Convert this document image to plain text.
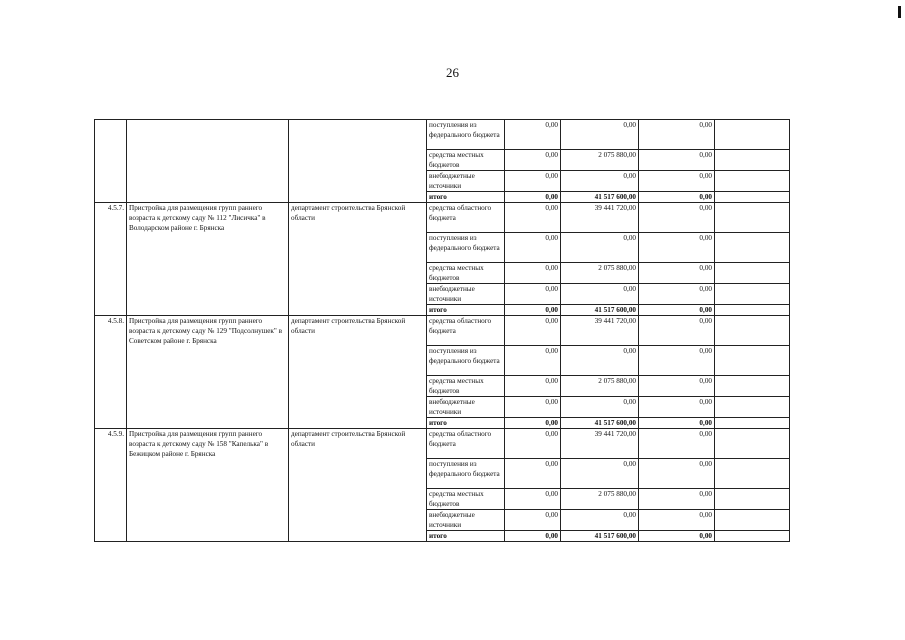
26
			поступления из федерального бюджета	0,00	0,00	0,00	
			средства местных бюджетов	0,00	2 075 880,00	0,00	
			внебюджетные источники	0,00	0,00	0,00	
			итого	0,00	41 517 600,00	0,00	
4.5.7.	Пристройка для размещения групп раннего возраста к детскому саду № 112 "Лисичка" в Володарском районе г. Брянска	департамент строительства Брянской области	средства областного бюджета	0,00	39 441 720,00	0,00	
			поступления из федерального бюджета	0,00	0,00	0,00	
			средства местных бюджетов	0,00	2 075 880,00	0,00	
			внебюджетные источники	0,00	0,00	0,00	
			итого	0,00	41 517 600,00	0,00	
4.5.8.	Пристройка для размещения групп раннего возраста к детскому саду № 129 "Подсолнушек" в Советском районе г. Брянска	департамент строительства Брянской области	средства областного бюджета	0,00	39 441 720,00	0,00	
			поступления из федерального бюджета	0,00	0,00	0,00	
			средства местных бюджетов	0,00	2 075 880,00	0,00	
			внебюджетные источники	0,00	0,00	0,00	
			итого	0,00	41 517 600,00	0,00	
4.5.9.	Пристройка для размещения групп раннего возраста к детскому саду № 158 "Капелька" в Бежицком районе г. Брянска	департамент строительства Брянской области	средства областного бюджета	0,00	39 441 720,00	0,00	
			поступления из федерального бюджета	0,00	0,00	0,00	
			средства местных бюджетов	0,00	2 075 880,00	0,00	
			внебюджетные источники	0,00	0,00	0,00	
			итого	0,00	41 517 600,00	0,00	
